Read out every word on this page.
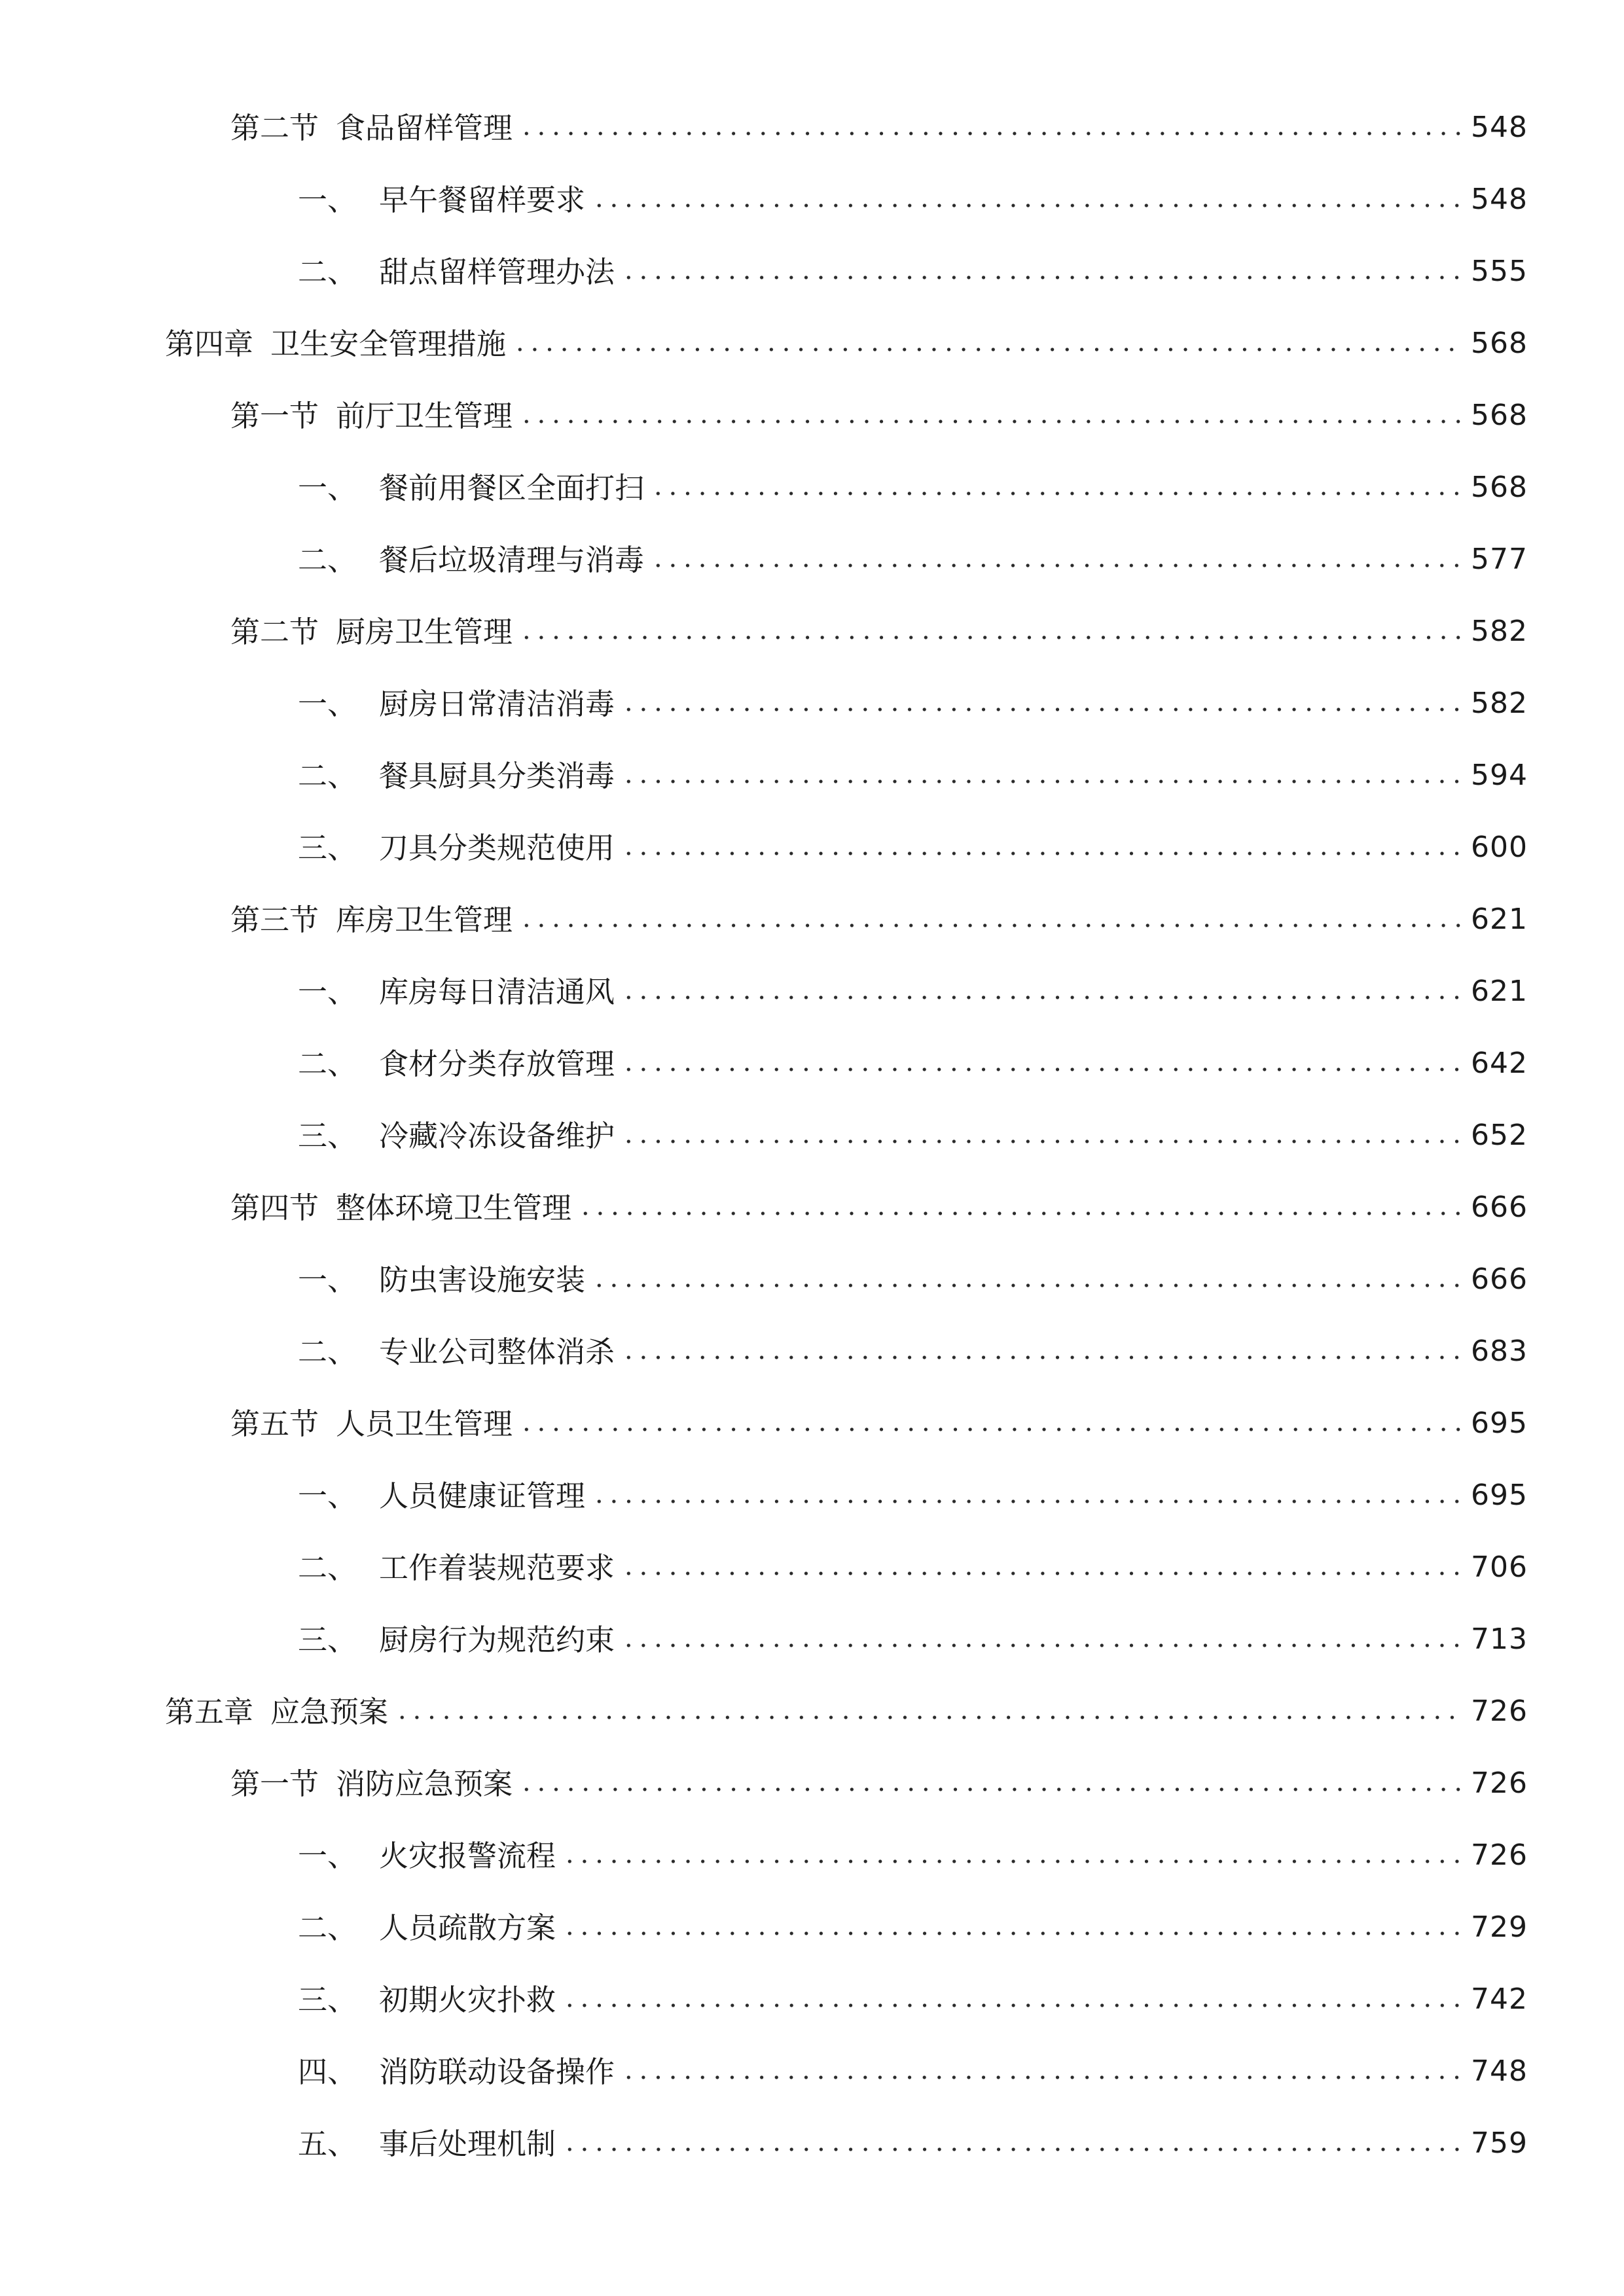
第二节 食品留样管理	548
一、 早午餐留样要求	548
二、 甜点留样管理办法	555
第四章 卫生安全管理措施	568
第一节 前厅卫生管理	568
一、 餐前用餐区全面打扫	568
二、 餐后垃圾清理与消毒	577
第二节 厨房卫生管理	582
一、 厨房日常清洁消毒	582
二、 餐具厨具分类消毒	594
三、 刀具分类规范使用	600
第三节 库房卫生管理	621
一、 库房每日清洁通风	621
二、 食材分类存放管理	642
三、 冷藏冷冻设备维护	652
第四节 整体环境卫生管理	666
一、 防虫害设施安装	666
二、 专业公司整体消杀	683
第五节 人员卫生管理	695
一、 人员健康证管理	695
二、 工作着装规范要求	706
三、 厨房行为规范约束	713
第五章 应急预案	726
第一节 消防应急预案	726
一、 火灾报警流程	726
二、 人员疏散方案	729
三、 初期火灾扑救	742
四、 消防联动设备操作	748
五、 事后处理机制	759
